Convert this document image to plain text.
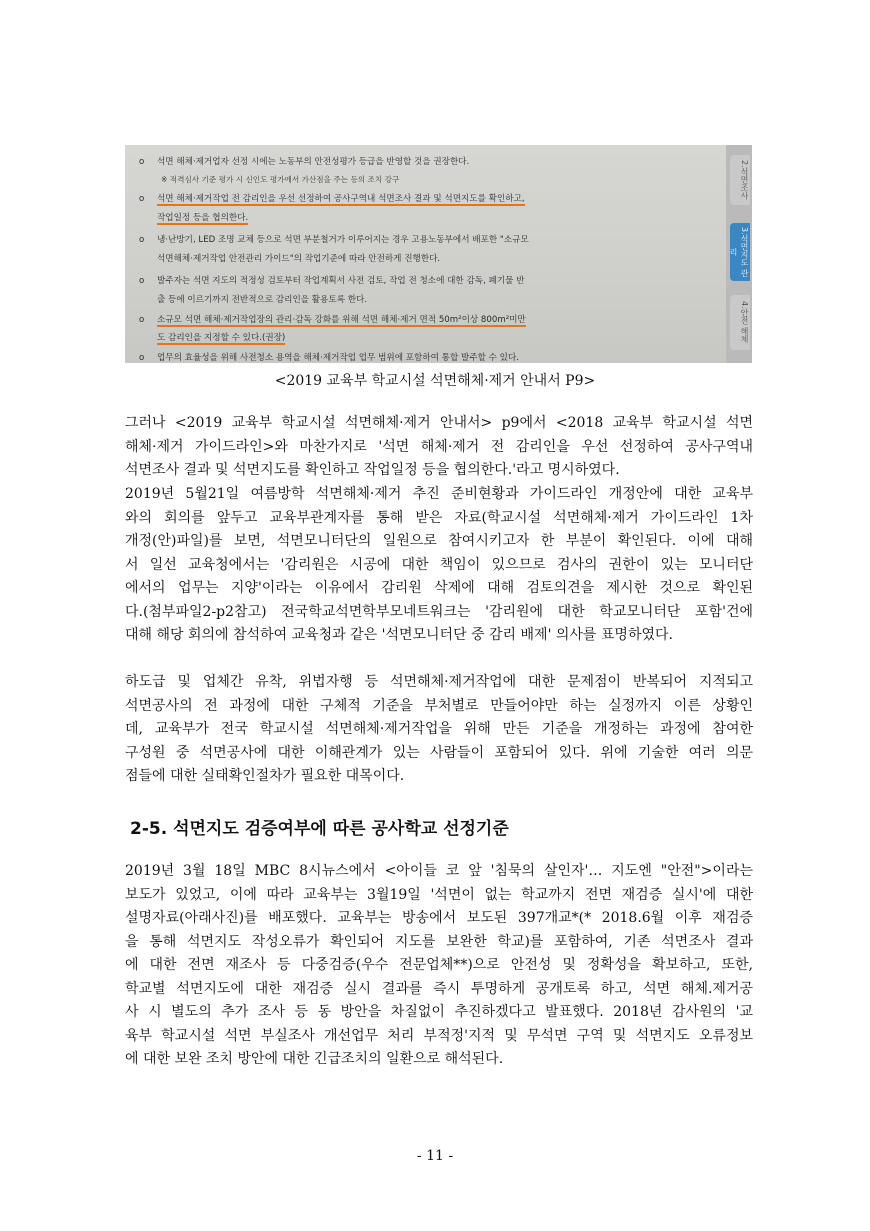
ο 석면 해체·제거업자 선정 시에는 노동부의 안전성평가 등급을 반영할 것을 권장한다.
※ 적격심사 기준 평가 시 신인도 평가에서 가산점을 주는 등의 조치 강구
ο 석면 해체·제거작업 전 감리인을 우선 선정하여 공사구역내 석면조사 결과 및 석면지도를 확인하고,
작업일정 등을 협의한다.
ο 냉·난방기, LED 조명 교체 등으로 석면 부분철거가 이루어지는 경우 고용노동부에서 배포한 "소규모
석면해체·제거작업 안전관리 가이드"의 작업기준에 따라 안전하게 진행한다.
ο 발주자는 석면 지도의 적정성 검토부터 작업계획서 사전 검토, 작업 전 청소에 대한 감독, 폐기물 반
출 등에 이르기까지 전반적으로 감리인을 활용토록 한다.
ο 소규모 석면 해체·제거작업장의 관리·감독 강화를 위해 석면 해체·제거 면적 50m²이상 800m²미만
도 감리인을 지정할 수 있다.(권장)
ο 업무의 효율성을 위해 사전청소 용역을 해체·제거작업 업무 범위에 포함하여 통합 발주할 수 있다.
2.석면조사
3.석면지도 관리
4.안전 해체
<2019 교육부 학교시설 석면해체·제거 안내서 P9>
그러나 <2019 교육부 학교시설 석면해체·제거 안내서> p9에서 <2018 교육부 학교시설 석면
해체·제거 가이드라인>와 마찬가지로 '석면 해체·제거 전 감리인을 우선 선정하여 공사구역내
석면조사 결과 및 석면지도를 확인하고 작업일정 등을 협의한다.'라고 명시하였다.
2019년 5월21일 여름방학 석면해체·제거 추진 준비현황과 가이드라인 개정안에 대한 교육부
와의 회의를 앞두고 교육부관계자를 통해 받은 자료(학교시설 석면해체·제거 가이드라인 1차
개정(안)파일)를 보면, 석면모니터단의 일원으로 참여시키고자 한 부분이 확인된다. 이에 대해
서 일선 교육청에서는 '감리원은 시공에 대한 책임이 있으므로 검사의 권한이 있는 모니터단
에서의 업무는 지양'이라는 이유에서 감리원 삭제에 대해 검토의견을 제시한 것으로 확인된
다.(첨부파일2-p2참고) 전국학교석면학부모네트워크는 '감리원에 대한 학교모니터단 포함'건에
대해 해당 회의에 참석하여 교육청과 같은 '석면모니터단 중 감리 배제' 의사를 표명하였다.
하도급 및 업체간 유착, 위법자행 등 석면해체·제거작업에 대한 문제점이 반복되어 지적되고
석면공사의 전 과정에 대한 구체적 기준을 부처별로 만들어야만 하는 실정까지 이른 상황인
데, 교육부가 전국 학교시설 석면해체·제거작업을 위해 만든 기준을 개정하는 과정에 참여한
구성원 중 석면공사에 대한 이해관계가 있는 사람들이 포함되어 있다. 위에 기술한 여러 의문
점들에 대한 실태확인절차가 필요한 대목이다.
2-5. 석면지도 검증여부에 따른 공사학교 선정기준
2019년 3월 18일 MBC 8시뉴스에서 <아이들 코 앞 '침묵의 살인자'… 지도엔 "안전">이라는
보도가 있었고, 이에 따라 교육부는 3월19일 '석면이 없는 학교까지 전면 재검증 실시'에 대한
설명자료(아래사진)를 배포했다. 교육부는 방송에서 보도된 397개교*(* 2018.6월 이후 재검증
을 통해 석면지도 작성오류가 확인되어 지도를 보완한 학교)를 포함하여, 기존 석면조사 결과
에 대한 전면 재조사 등 다중검증(우수 전문업체**)으로 안전성 및 정확성을 확보하고, 또한,
학교별 석면지도에 대한 재검증 실시 결과를 즉시 투명하게 공개토록 하고, 석면 해체.제거공
사 시 별도의 추가 조사 등 동 방안을 차질없이 추진하겠다고 발표했다. 2018년 감사원의 '교
육부 학교시설 석면 부실조사 개선업무 처리 부적정'지적 및 무석면 구역 및 석면지도 오류정보
에 대한 보완 조치 방안에 대한 긴급조치의 일환으로 해석된다.
- 11 -
